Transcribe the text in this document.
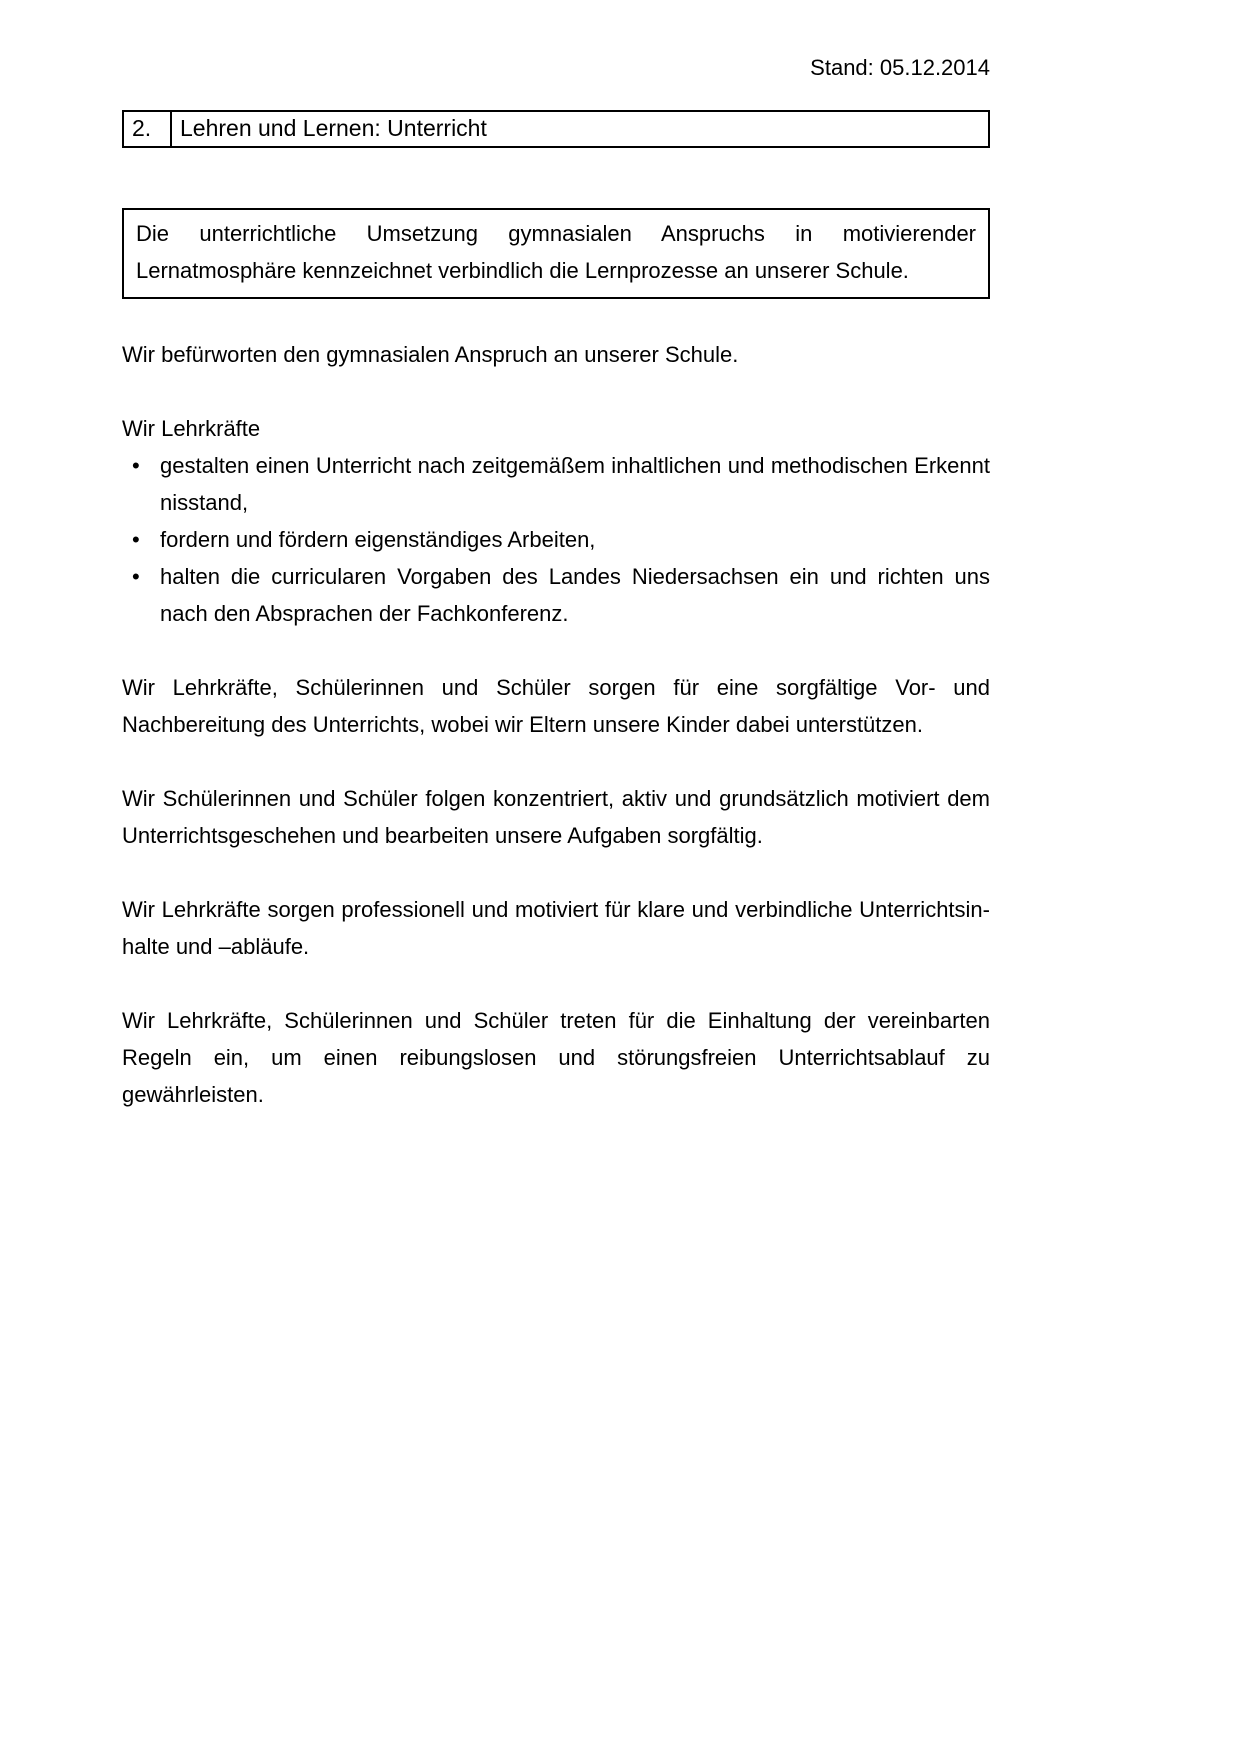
Stand: 05.12.2014
2.	Lehren und Lernen: Unterricht
Die unterrichtliche Umsetzung gymnasialen Anspruchs in motivierender Lernatmosphäre kennzeichnet verbindlich die Lernprozesse an unserer Schule.

Wir befürworten den gymnasialen Anspruch an unserer Schule.

Wir Lehrkräfte

• gestalten einen Unterricht nach zeitgemäßem inhaltlichen und methodischen Erkennt nisstand,
• fordern und fördern eigenständiges Arbeiten,
• halten die curricularen Vorgaben des Landes Niedersachsen ein und richten uns nach den Absprachen der Fachkonferenz.

Wir Lehrkräfte, Schülerinnen und Schüler sorgen für eine sorgfältige Vor- und Nachbereitung des Unterrichts, wobei wir Eltern unsere Kinder dabei unterstützen.

Wir Schülerinnen und Schüler folgen konzentriert, aktiv und grundsätzlich motiviert dem Unterrichtsgeschehen und bearbeiten unsere Aufgaben sorgfältig.

Wir Lehrkräfte sorgen professionell und motiviert für klare und verbindliche Unterrichtsinhalte und –abläufe.

Wir Lehrkräfte, Schülerinnen und Schüler treten für die Einhaltung der vereinbarten Regeln ein, um einen reibungslosen und störungsfreien Unterrichtsablauf zu gewährleisten.
